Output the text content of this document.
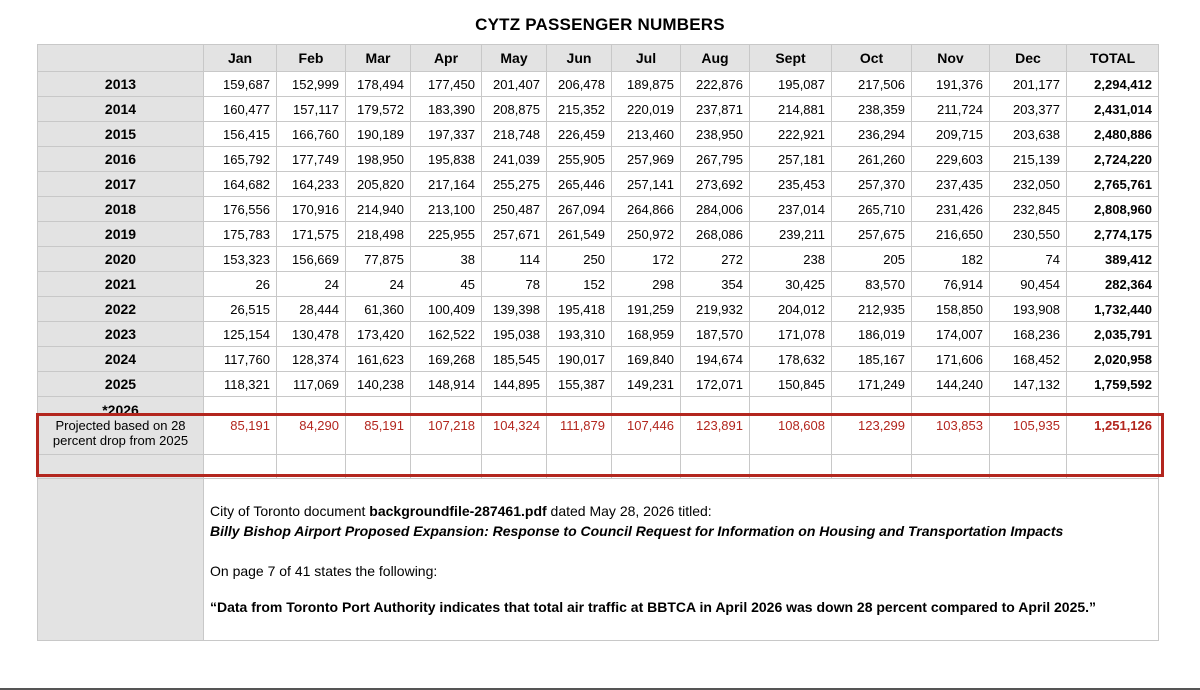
CYTZ PASSENGER NUMBERS
	Jan	Feb	Mar	Apr	May	Jun	Jul	Aug	Sept	Oct	Nov	Dec	TOTAL
2013	159,687	152,999	178,494	177,450	201,407	206,478	189,875	222,876	195,087	217,506	191,376	201,177	2,294,412
2014	160,477	157,117	179,572	183,390	208,875	215,352	220,019	237,871	214,881	238,359	211,724	203,377	2,431,014
2015	156,415	166,760	190,189	197,337	218,748	226,459	213,460	238,950	222,921	236,294	209,715	203,638	2,480,886
2016	165,792	177,749	198,950	195,838	241,039	255,905	257,969	267,795	257,181	261,260	229,603	215,139	2,724,220
2017	164,682	164,233	205,820	217,164	255,275	265,446	257,141	273,692	235,453	257,370	237,435	232,050	2,765,761
2018	176,556	170,916	214,940	213,100	250,487	267,094	264,866	284,006	237,014	265,710	231,426	232,845	2,808,960
2019	175,783	171,575	218,498	225,955	257,671	261,549	250,972	268,086	239,211	257,675	216,650	230,550	2,774,175
2020	153,323	156,669	77,875	38	114	250	172	272	238	205	182	74	389,412
2021	26	24	24	45	78	152	298	354	30,425	83,570	76,914	90,454	282,364
2022	26,515	28,444	61,360	100,409	139,398	195,418	191,259	219,932	204,012	212,935	158,850	193,908	1,732,440
2023	125,154	130,478	173,420	162,522	195,038	193,310	168,959	187,570	171,078	186,019	174,007	168,236	2,035,791
2024	117,760	128,374	161,623	169,268	185,545	190,017	169,840	194,674	178,632	185,167	171,606	168,452	2,020,958
2025	118,321	117,069	140,238	148,914	144,895	155,387	149,231	172,071	150,845	171,249	144,240	147,132	1,759,592

*2026
Projected based on 28
percent drop from 2025	85,191	84,290	85,191	107,218	104,324	111,879	107,446	123,891	108,608	123,299	103,853	105,935	1,251,126

	City of Toronto document backgroundfile-287461.pdf dated May 28, 2026 titled:

Billy Bishop Airport Proposed Expansion: Response to Council Request for Information on Housing and Transportation Impacts

On page 7 of 41 states the following:

“Data from Toronto Port Authority indicates that total air traffic at BBTCA in April 2026 was down 28 percent compared to April 2025.”												
